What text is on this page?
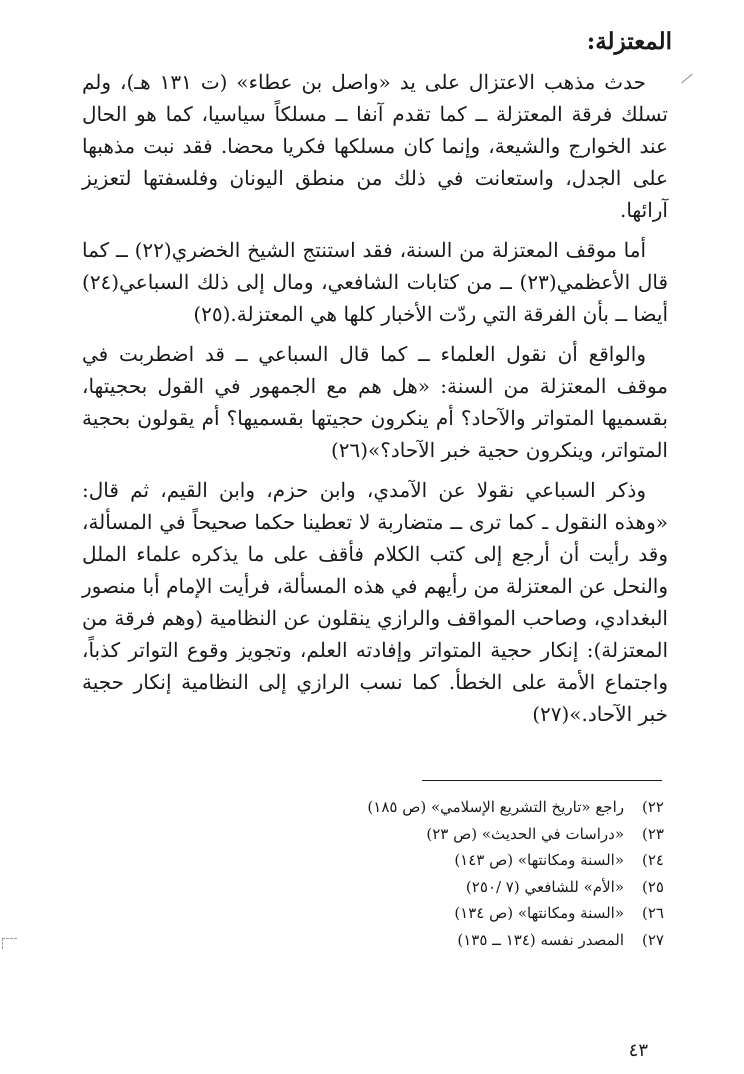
المعتزلة:

حدث مذهب الاعتزال على يد «واصل بن عطاء» (ت ١٣١ هـ)، ولم تسلك فرقة المعتزلة ــ كما تقدم آنفا ــ مسلكاً سياسيا، كما هو الحال عند الخوارج والشيعة، وإنما كان مسلكها فكريا محضا. فقد نبت مذهبها على الجدل، واستعانت في ذلك من منطق اليونان وفلسفتها لتعزيز آرائها.

أما موقف المعتزلة من السنة، فقد استنتج الشيخ الخضري(٢٢) ــ كما قال الأعظمي(٢٣) ــ من كتابات الشافعي، ومال إلى ذلك السباعي(٢٤) أيضا ــ بأن الفرقة التي ردّت الأخبار كلها هي المعتزلة.(٢٥)

والواقع أن نقول العلماء ــ كما قال السباعي ــ قد اضطربت في موقف المعتزلة من السنة: «هل هم مع الجمهور في القول بحجيتها، بقسميها المتواتر والآحاد؟ أم ينكرون حجيتها بقسميها؟ أم يقولون بحجية المتواتر، وينكرون حجية خبر الآحاد؟»(٢٦)

وذكر السباعي نقولا عن الآمدي، وابن حزم، وابن القيم، ثم قال: «وهذه النقول ـ كما ترى ــ متضاربة لا تعطينا حكما صحيحاً في المسألة، وقد رأيت أن أرجع إلى كتب الكلام فأقف على ما يذكره علماء الملل والنحل عن المعتزلة من رأيهم في هذه المسألة، فرأيت الإمام أبا منصور البغدادي، وصاحب المواقف والرازي ينقلون عن النظامية (وهم فرقة من المعتزلة): إنكار حجية المتواتر وإفادته العلم، وتجويز وقوع التواتر كذباً، واجتماع الأمة على الخطأ. كما نسب الرازي إلى النظامية إنكار حجية خبر الآحاد.»(٢٧)

٢٢)
راجع «تاريخ التشريع الإسلامي» (ص ١٨٥)
٢٣)
«دراسات في الحديث» (ص ٢٣)
٢٤)
«السنة ومكانتها» (ص ١٤٣)
٢٥)
«الأم» للشافعي (٧ /٢٥٠)
٢٦)
«السنة ومكانتها» (ص ١٣٤)
٢٧)
المصدر نفسه (١٣٤ ــ ١٣٥)
٤٣
